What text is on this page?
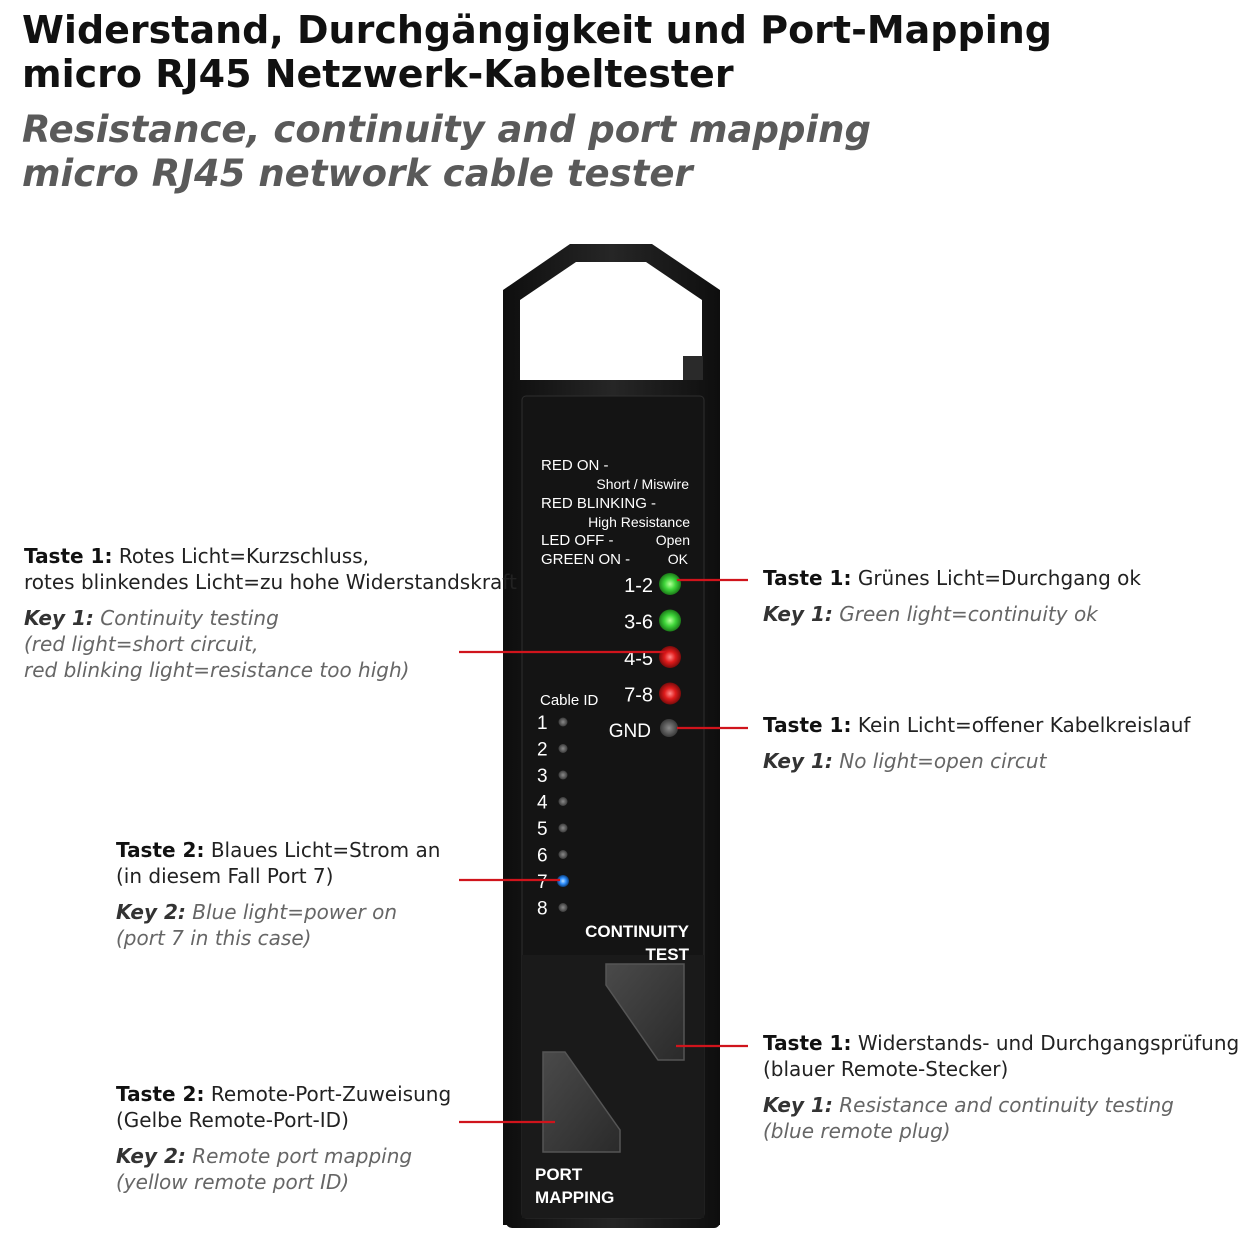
Widerstand, Durchgängigkeit und Port-Mapping
micro RJ45 Netzwerk-Kabeltester
Resistance, continuity and port mapping
micro RJ45 network cable tester
RED ON -
Short / Miswire
RED BLINKING -
High Resistance
LED OFF -	Open
GREEN ON -	OK
1-2
3-6
4-5
7-8
GND
Cable ID
1
2
3
4
5
6
7
8
CONTINUITY
TEST
PORT
MAPPING
Taste 1: Rotes Licht=Kurzschluss,
rotes blinkendes Licht=zu hohe Widerstandskraft
Key 1: Continuity testing
(red light=short circuit,
red blinking light=resistance too high)
Taste 1: Grünes Licht=Durchgang ok
Key 1: Green light=continuity ok
Taste 1: Kein Licht=offener Kabelkreislauf
Key 1: No light=open circut
Taste 2: Blaues Licht=Strom an
(in diesem Fall Port 7)
Key 2: Blue light=power on
(port 7 in this case)
Taste 1: Widerstands- und Durchgangsprüfung
(blauer Remote-Stecker)
Key 1: Resistance and continuity testing
(blue remote plug)
Taste 2: Remote-Port-Zuweisung
(Gelbe Remote-Port-ID)
Key 2: Remote port mapping
(yellow remote port ID)
